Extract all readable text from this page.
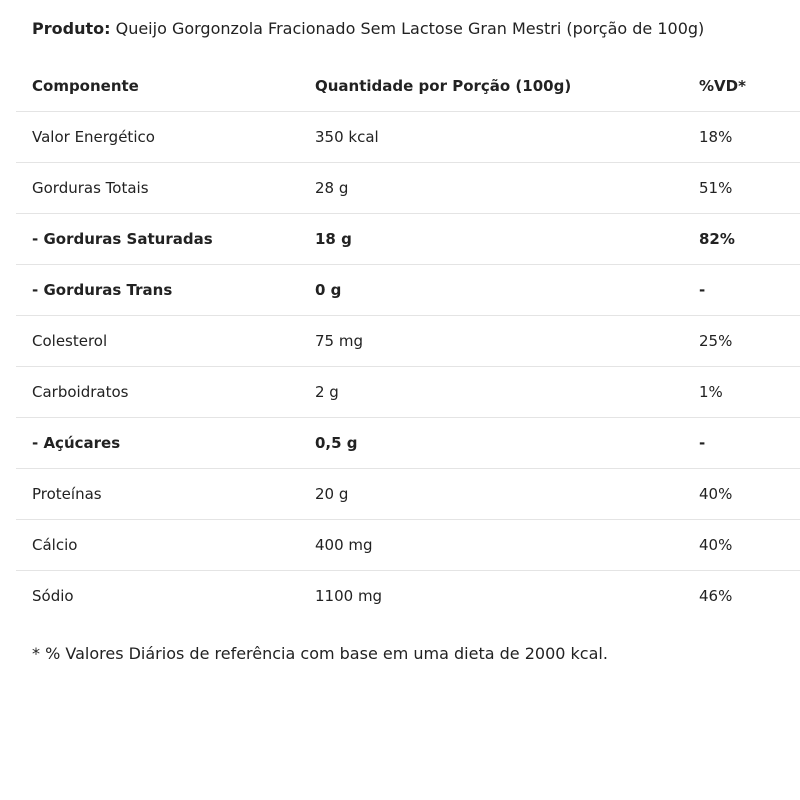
Produto: Queijo Gorgonzola Fracionado Sem Lactose Gran Mestri (porção de 100g)
Componente	Quantidade por Porção (100g)	%VD*
Valor Energético	350 kcal	18%
Gorduras Totais	28 g	51%
- Gorduras Saturadas	18 g	82%
- Gorduras Trans	0 g	-
Colesterol	75 mg	25%
Carboidratos	2 g	1%
- Açúcares	0,5 g	-
Proteínas	20 g	40%
Cálcio	400 mg	40%
Sódio	1100 mg	46%
* % Valores Diários de referência com base em uma dieta de 2000 kcal.
